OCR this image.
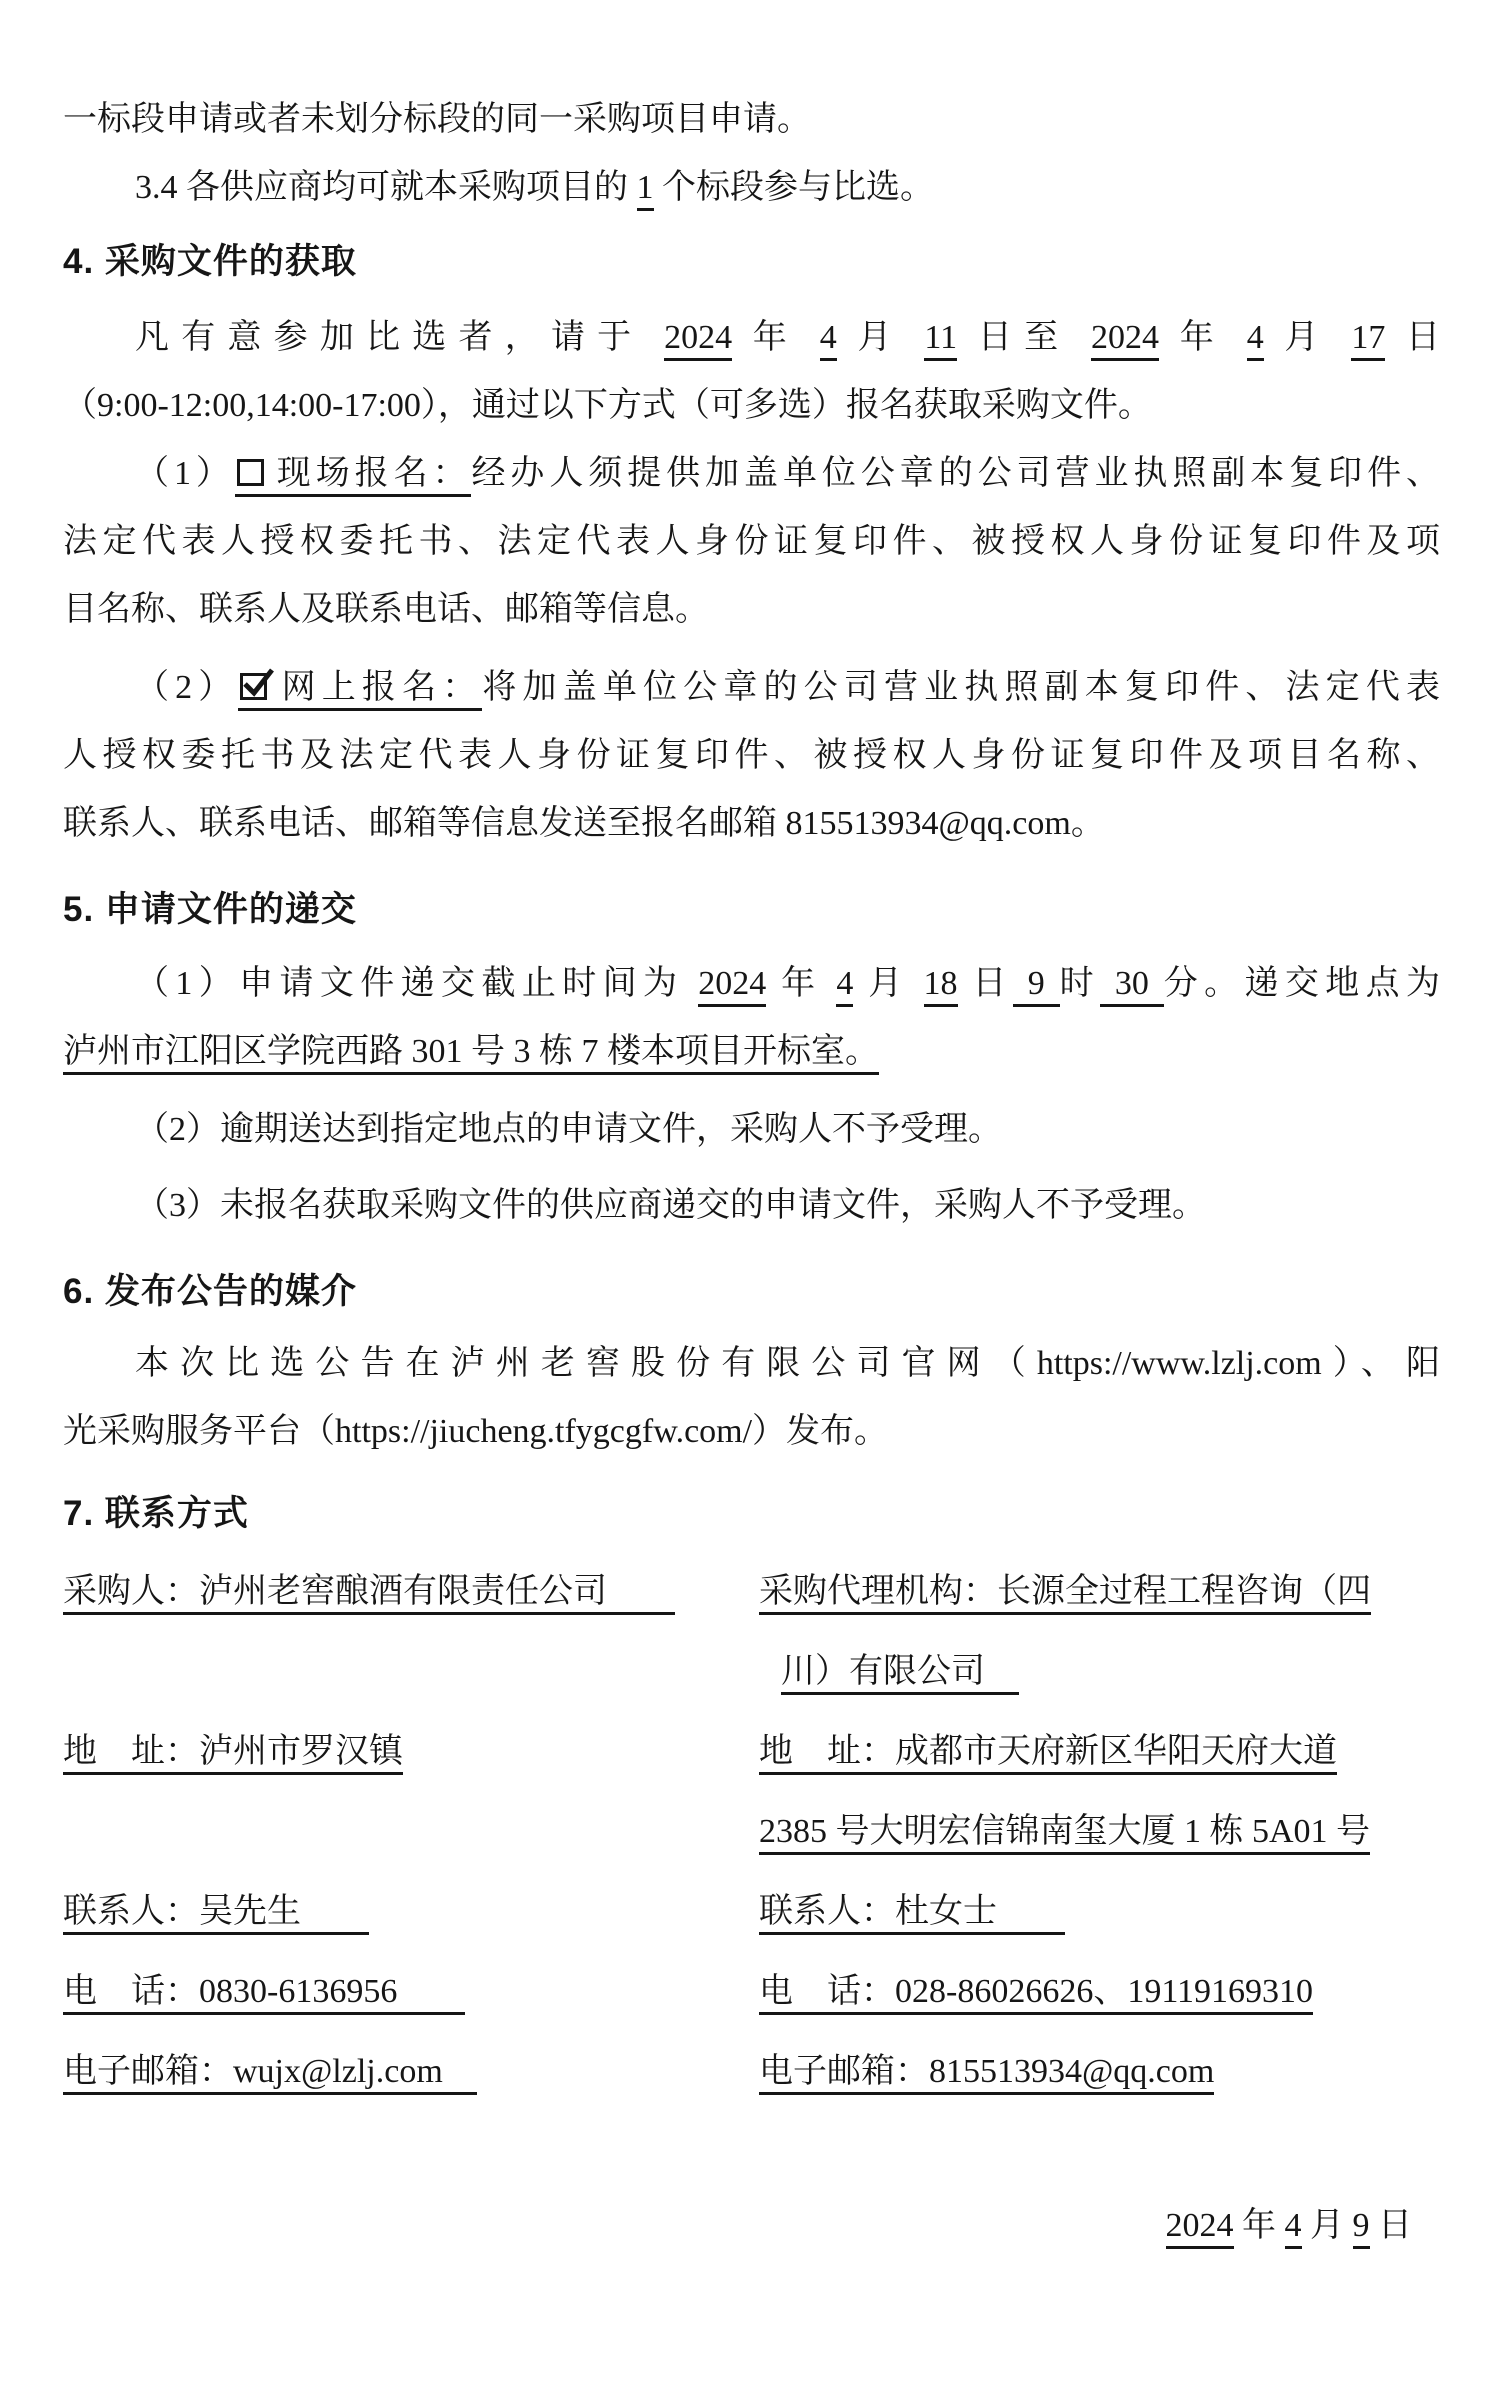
一标段申请或者未划分标段的同一采购项目申请。
3.4 各供应商均可就本采购项目的 1 个标段参与比选。
4. 采购文件的获取
凡有意参加比选者，请于 2024 年 4 月 11 日至 2024 年 4 月 17 日
（9:00-12:00,14:00-17:00），通过以下方式（可多选）报名获取采购文件。
（1） 现场报名：经办人须提供加盖单位公章的公司营业执照副本复印件、
法定代表人授权委托书、法定代表人身份证复印件、被授权人身份证复印件及项
目名称、联系人及联系电话、邮箱等信息。
（2） 网上报名：将加盖单位公章的公司营业执照副本复印件、法定代表
人授权委托书及法定代表人身份证复印件、被授权人身份证复印件及项目名称、
联系人、联系电话、邮箱等信息发送至报名邮箱 815513934@qq.com。
5. 申请文件的递交
（1）申请文件递交截止时间为 2024 年 4 月 18 日 9 时 30 分。递交地点为
泸州市江阳区学院西路 301 号 3 栋 7 楼本项目开标室。
（2）逾期送达到指定地点的申请文件，采购人不予受理。
（3）未报名获取采购文件的供应商递交的申请文件，采购人不予受理。
6. 发布公告的媒介
本次比选公告在泸州老窖股份有限公司官网（https://www.lzlj.com）、阳
光采购服务平台（https://jiucheng.tfygcgfw.com/）发布。
7. 联系方式
采购人：泸州老窖酿酒有限责任公司　　	采购代理机构：长源全过程工程咨询（四
川）有限公司　
地　址：泸州市罗汉镇	地　址：成都市天府新区华阳天府大道
2385 号大明宏信锦南玺大厦 1 栋 5A01 号
联系人：吴先生　　	联系人：杜女士　　
电　话：0830-6136956　　	电　话：028-86026626、19119169310
电子邮箱：wujx@lzlj.com　	电子邮箱：815513934@qq.com
2024 年 4 月 9 日
